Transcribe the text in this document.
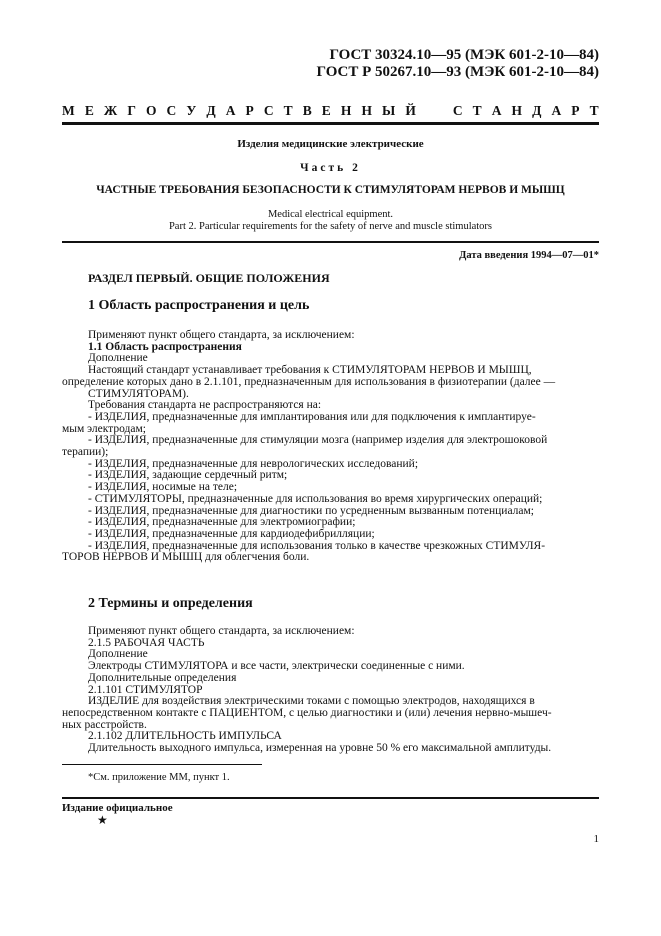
ГОСТ 30324.10—95 (МЭК 601-2-10—84)
ГОСТ Р 50267.10—93 (МЭК 601-2-10—84)
М Е Ж Г О С У Д А Р С Т В Е Н Н Ы Й

	С Т А Н Д А Р Т
Изделия медицинские электрические
Часть 2
ЧАСТНЫЕ ТРЕБОВАНИЯ БЕЗОПАСНОСТИ К СТИМУЛЯТОРАМ НЕРВОВ И МЫШЦ
Medical electrical equipment.
Part 2. Particular requirements for the safety of nerve and muscle stimulators
Дата введения 1994—07—01*
РАЗДЕЛ ПЕРВЫЙ. ОБЩИЕ ПОЛОЖЕНИЯ
1 Область распространения и цель

Применяют пункт общего стандарта, за исключением:

1.1 Область распространения

Дополнение

Настоящий стандарт устанавливает требования к СТИМУЛЯТОРАМ НЕРВОВ И МЫШЦ,

определение которых дано в 2.1.101, предназначенным для использования в физиотерапии (далее —

СТИМУЛЯТОРАМ).

Требования стандарта не распространяются на:

- ИЗДЕЛИЯ, предназначенные для имплантирования или для подключения к имплантируе-

мым электродам;

- ИЗДЕЛИЯ, предназначенные для стимуляции мозга (например изделия для электрошоковой

терапии);

- ИЗДЕЛИЯ, предназначенные для неврологических исследований;

- ИЗДЕЛИЯ, задающие сердечный ритм;

- ИЗДЕЛИЯ, носимые на теле;

- СТИМУЛЯТОРЫ, предназначенные для использования во время хирургических операций;

- ИЗДЕЛИЯ, предназначенные для диагностики по усредненным вызванным потенциалам;

- ИЗДЕЛИЯ, предназначенные для электромиографии;

- ИЗДЕЛИЯ, предназначенные для кардиодефибрилляции;

- ИЗДЕЛИЯ, предназначенные для использования только в качестве чрезкожных СТИМУЛЯ-

ТОРОВ НЕРВОВ И МЫШЦ для облегчения боли.

2 Термины и определения

Применяют пункт общего стандарта, за исключением:

2.1.5 РАБОЧАЯ ЧАСТЬ

Дополнение

Электроды СТИМУЛЯТОРА и все части, электрически соединенные с ними.

Дополнительные определения

2.1.101 СТИМУЛЯТОР

ИЗДЕЛИЕ для воздействия электрическими токами с помощью электродов, находящихся в

непосредственном контакте с ПАЦИЕНТОМ, с целью диагностики и (или) лечения нервно-мышеч-

ных расстройств.

2.1.102 ДЛИТЕЛЬНОСТЬ ИМПУЛЬСА

Длительность выходного импульса, измеренная на уровне 50 % его максимальной амплитуды.

*См. приложение ММ, пункт 1.
Издание официальное
★
1
